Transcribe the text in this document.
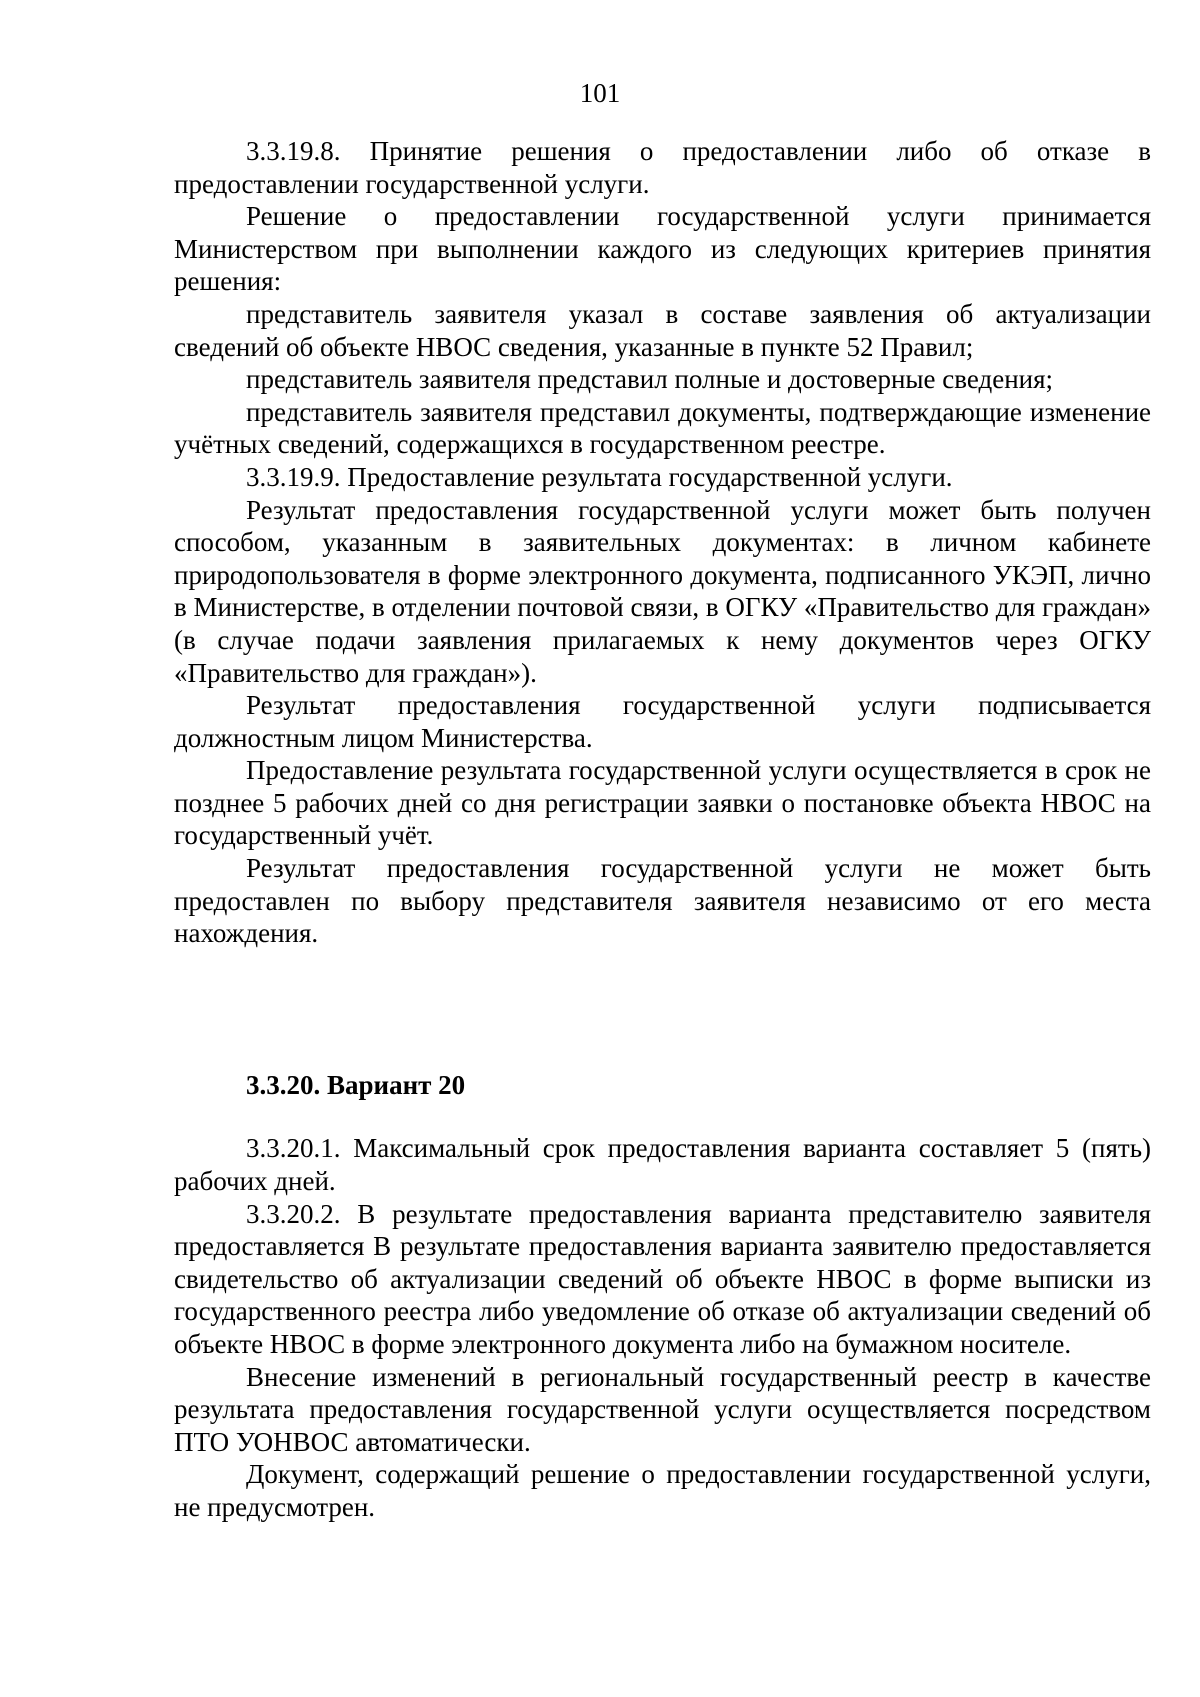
101

3.3.19.8. Принятие решения о предоставлении либо об отказе в предоставлении государственной услуги.

Решение о предоставлении государственной услуги принимается Министерством при выполнении каждого из следующих критериев принятия решения:

представитель заявителя указал в составе заявления об актуализации сведений об объекте НВОС сведения, указанные в пункте 52 Правил;

представитель заявителя представил полные и достоверные сведения;

представитель заявителя представил документы, подтверждающие изменение учётных сведений, содержащихся в государственном реестре.

3.3.19.9. Предоставление результата государственной услуги.

Результат предоставления государственной услуги может быть получен способом, указанным в заявительных документах: в личном кабинете природопользователя в форме электронного документа, подписанного УКЭП, лично в Министерстве, в отделении почтовой связи, в ОГКУ «Правительство для граждан» (в случае подачи заявления прилагаемых к нему документов через ОГКУ «Правительство для граждан»).

Результат предоставления государственной услуги подписывается должностным лицом Министерства.

Предоставление результата государственной услуги осуществляется в срок не позднее 5 рабочих дней со дня регистрации заявки о постановке объекта НВОС на государственный учёт.

Результат предоставления государственной услуги не может быть предоставлен по выбору представителя заявителя независимо от его места нахождения.

3.3.20. Вариант 20

3.3.20.1. Максимальный срок предоставления варианта составляет 5 (пять) рабочих дней.

3.3.20.2. В результате предоставления варианта представителю заявителя предоставляется В результате предоставления варианта заявителю предоставляется свидетельство об актуализации сведений об объекте НВОС в форме выписки из государственного реестра либо уведомление об отказе об актуализации сведений об объекте НВОС в форме электронного документа либо на бумажном носителе.

Внесение изменений в региональный государственный реестр в качестве результата предоставления государственной услуги осуществляется посредством ПТО УОНВОС автоматически.

Документ, содержащий решение о предоставлении государственной услуги, не предусмотрен.
